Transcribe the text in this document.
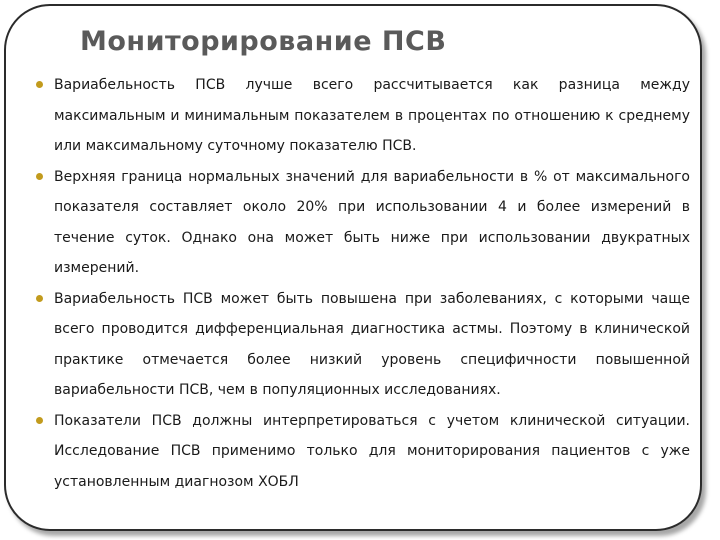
Мониторирование ПСВ
Вариабельность ПСВ лучше всего рассчитывается как разница между максимальным и минимальным показателем в процентах по отношению к среднему или максимальному суточному показателю ПСВ.
Верхняя граница нормальных значений для вариабельности в % от максимального показателя составляет около 20% при использовании 4 и более измерений в течение суток. Однако она может быть ниже при использовании двукратных измерений.
Вариабельность ПСВ может быть повышена при заболеваниях, с которыми чаще всего проводится дифференциальная диагностика астмы. Поэтому в клинической практике отмечается более низкий уровень специфичности повышенной вариабельности ПСВ, чем в популяционных исследованиях.
Показатели ПСВ должны интерпретироваться с учетом клинической ситуации. Исследование ПСВ применимо только для мониторирования пациентов с уже установленным диагнозом ХОБЛ
